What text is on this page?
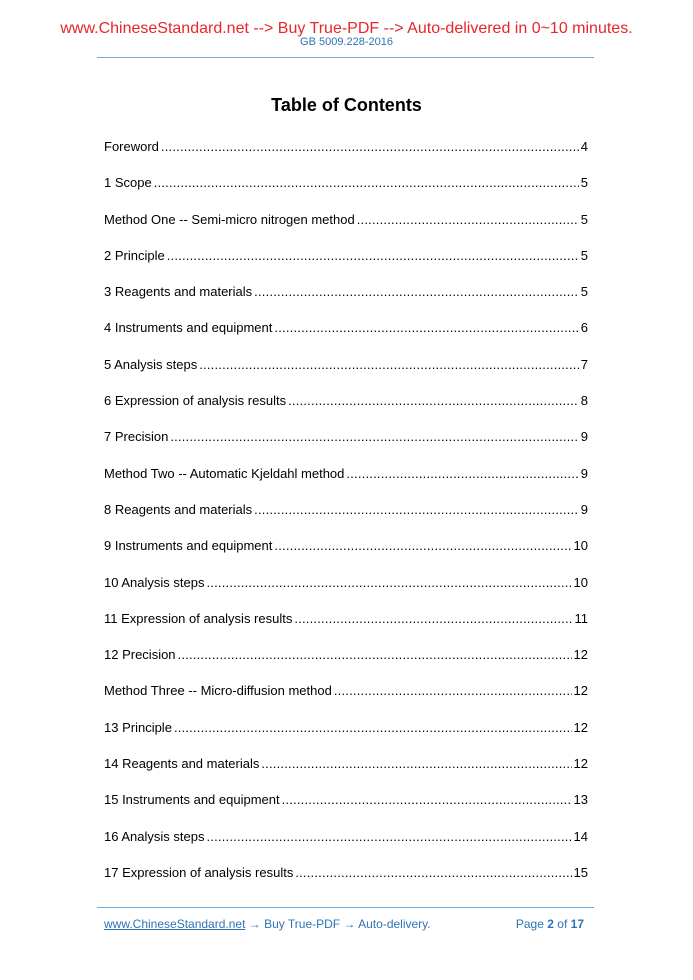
www.ChineseStandard.net --> Buy True-PDF --> Auto-delivered in 0~10 minutes.
GB 5009.228-2016
Table of Contents
Foreword .....	4
1 Scope .....	5
Method One -- Semi-micro nitrogen method .....	5
2 Principle .....	5
3 Reagents and materials .....	5
4 Instruments and equipment .....	6
5 Analysis steps .....	7
6 Expression of analysis results .....	8
7 Precision .....	9
Method Two -- Automatic Kjeldahl method .....	9
8 Reagents and materials .....	9
9 Instruments and equipment .....	10
10 Analysis steps .....	10
11 Expression of analysis results .....	11
12 Precision .....	12
Method Three -- Micro-diffusion method .....	12
13 Principle .....	12
14 Reagents and materials .....	12
15 Instruments and equipment .....	13
16 Analysis steps .....	14
17 Expression of analysis results .....	15
www.ChineseStandard.net → Buy True-PDF → Auto-delivery.	Page 2 of 17
